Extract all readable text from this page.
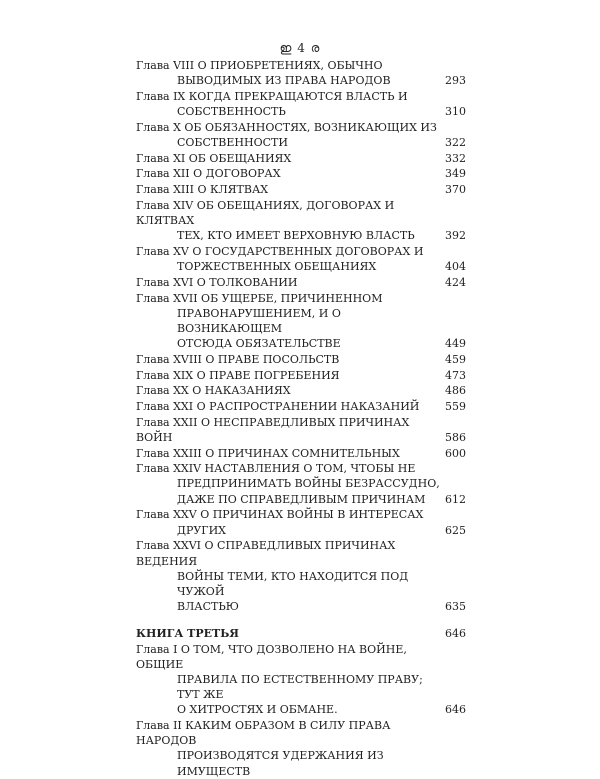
ഇ 4 ര
Глава VIII О ПРИОБРЕТЕНИЯХ, ОБЫЧНО
ВЫВОДИМЫХ ИЗ ПРАВА НАРОДОВ	293
Глава IX КОГДА ПРЕКРАЩАЮТСЯ ВЛАСТЬ И
СОБСТВЕННОСТЬ	310
Глава X ОБ ОБЯЗАННОСТЯХ, ВОЗНИКАЮЩИХ ИЗ
СОБСТВЕННОСТИ	322
Глава XI ОБ ОБЕЩАНИЯХ	332
Глава XII О ДОГОВОРАХ	349
Глава XIII О КЛЯТВАХ	370
Глава XIV ОБ ОБЕЩАНИЯХ, ДОГОВОРАХ И КЛЯТВАХ
ТЕХ, КТО ИМЕЕТ ВЕРХОВНУЮ ВЛАСТЬ	392
Глава XV О ГОСУДАРСТВЕННЫХ ДОГОВОРАХ И
ТОРЖЕСТВЕННЫХ ОБЕЩАНИЯХ	404
Глава XVI О ТОЛКОВАНИИ	424
Глава XVII ОБ УЩЕРБЕ, ПРИЧИНЕННОМ
ПРАВОНАРУШЕНИЕМ, И О ВОЗНИКАЮЩЕМ
ОТСЮДА ОБЯЗАТЕЛЬСТВЕ	449
Глава XVIII О ПРАВЕ ПОСОЛЬСТВ	459
Глава XIX О ПРАВЕ ПОГРЕБЕНИЯ	473
Глава XX О НАКАЗАНИЯХ	486
Глава XXI О РАСПРОСТРАНЕНИИ НАКАЗАНИЙ	559
Глава XXII О НЕСПРАВЕДЛИВЫХ ПРИЧИНАХ ВОЙН	586
Глава XXIII О ПРИЧИНАХ СОМНИТЕЛЬНЫХ	600
Глава XXIV НАСТАВЛЕНИЯ О ТОМ, ЧТОБЫ НЕ
ПРЕДПРИНИМАТЬ ВОЙНЫ БЕЗРАССУДНО,
ДАЖЕ ПО СПРАВЕДЛИВЫМ ПРИЧИНАМ	612
Глава XXV О ПРИЧИНАХ ВОЙНЫ В ИНТЕРЕСАХ
ДРУГИХ	625
Глава XXVI О СПРАВЕДЛИВЫХ ПРИЧИНАХ ВЕДЕНИЯ
ВОЙНЫ ТЕМИ, КТО НАХОДИТСЯ ПОД ЧУЖОЙ
ВЛАСТЬЮ	635
КНИГА ТРЕТЬЯ	646
Глава I О ТОМ, ЧТО ДОЗВОЛЕНО НА ВОЙНЕ, ОБЩИЕ
ПРАВИЛА ПО ЕСТЕСТВЕННОМУ ПРАВУ; ТУТ ЖЕ
О ХИТРОСТЯХ И ОБМАНЕ.	646
Глава II КАКИМ ОБРАЗОМ В СИЛУ ПРАВА НАРОДОВ
ПРОИЗВОДЯТСЯ УДЕРЖАНИЯ ИЗ ИМУЩЕСТВ
